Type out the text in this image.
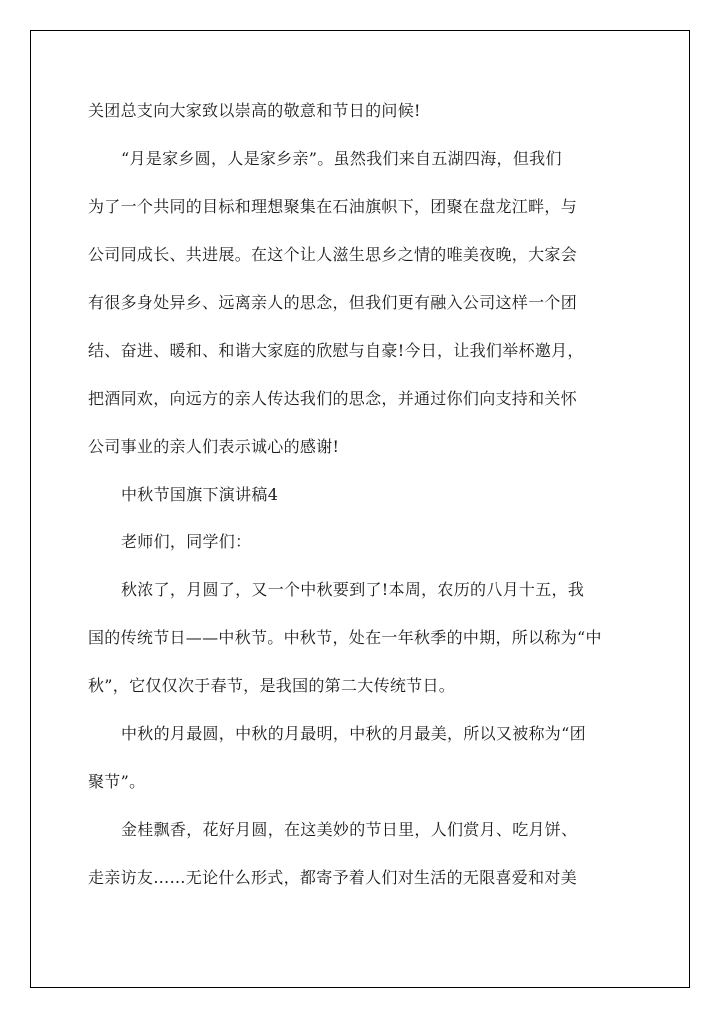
关团总支向大家致以崇高的敬意和节日的问候!
“月是家乡圆，人是家乡亲”。虽然我们来自五湖四海，但我们
为了一个共同的目标和理想聚集在石油旗帜下，团聚在盘龙江畔，与
公司同成长、共进展。在这个让人滋生思乡之情的唯美夜晚，大家会
有很多身处异乡、远离亲人的思念，但我们更有融入公司这样一个团
结、奋进、暖和、和谐大家庭的欣慰与自豪!今日，让我们举杯邀月，
把酒同欢，向远方的亲人传达我们的思念，并通过你们向支持和关怀
公司事业的亲人们表示诚心的感谢!
中秋节国旗下演讲稿4
老师们，同学们：
秋浓了，月圆了，又一个中秋要到了!本周，农历的八月十五，我
国的传统节日——中秋节。中秋节，处在一年秋季的中期，所以称为“中
秋”，它仅仅次于春节，是我国的第二大传统节日。
中秋的月最圆，中秋的月最明，中秋的月最美，所以又被称为“团
聚节”。
金桂飘香，花好月圆，在这美妙的节日里，人们赏月、吃月饼、
走亲访友……无论什么形式，都寄予着人们对生活的无限喜爱和对美
